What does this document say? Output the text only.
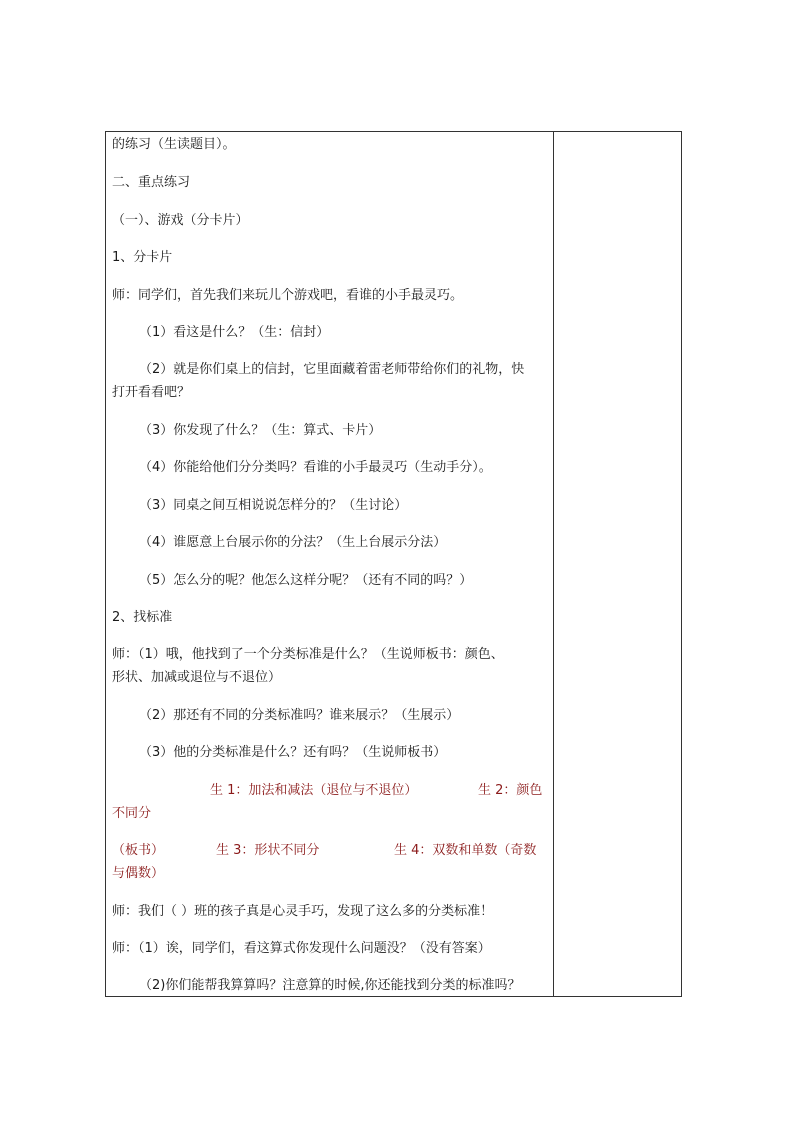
的练习（生读题目）。
二、重点练习
（一）、游戏（分卡片）
1、分卡片
师：同学们，首先我们来玩儿个游戏吧，看谁的小手最灵巧。
（1）看这是什么？（生：信封）
（2）就是你们桌上的信封，它里面藏着雷老师带给你们的礼物，快
打开看看吧？
（3）你发现了什么？（生：算式、卡片）
（4）你能给他们分分类吗？看谁的小手最灵巧（生动手分）。
（3）同桌之间互相说说怎样分的？（生讨论）
（4）谁愿意上台展示你的分法？（生上台展示分法）
（5）怎么分的呢？他怎么这样分呢？（还有不同的吗？）
2、找标准
师：（1）哦，他找到了一个分类标准是什么？（生说师板书：颜色、
形状、加减或退位与不退位）
（2）那还有不同的分类标准吗？谁来展示？（生展示）
（3）他的分类标准是什么？还有吗？（生说师板书）
生 1：加法和减法（退位与不退位）	生 2：颜色
不同分
（板书）	生 3：形状不同分	生 4：双数和单数（奇数
与偶数）
师：我们（ ）班的孩子真是心灵手巧，发现了这么多的分类标准！
师：（1）诶，同学们，看这算式你发现什么问题没？（没有答案）
（2)你们能帮我算算吗？注意算的时候,你还能找到分类的标准吗？
